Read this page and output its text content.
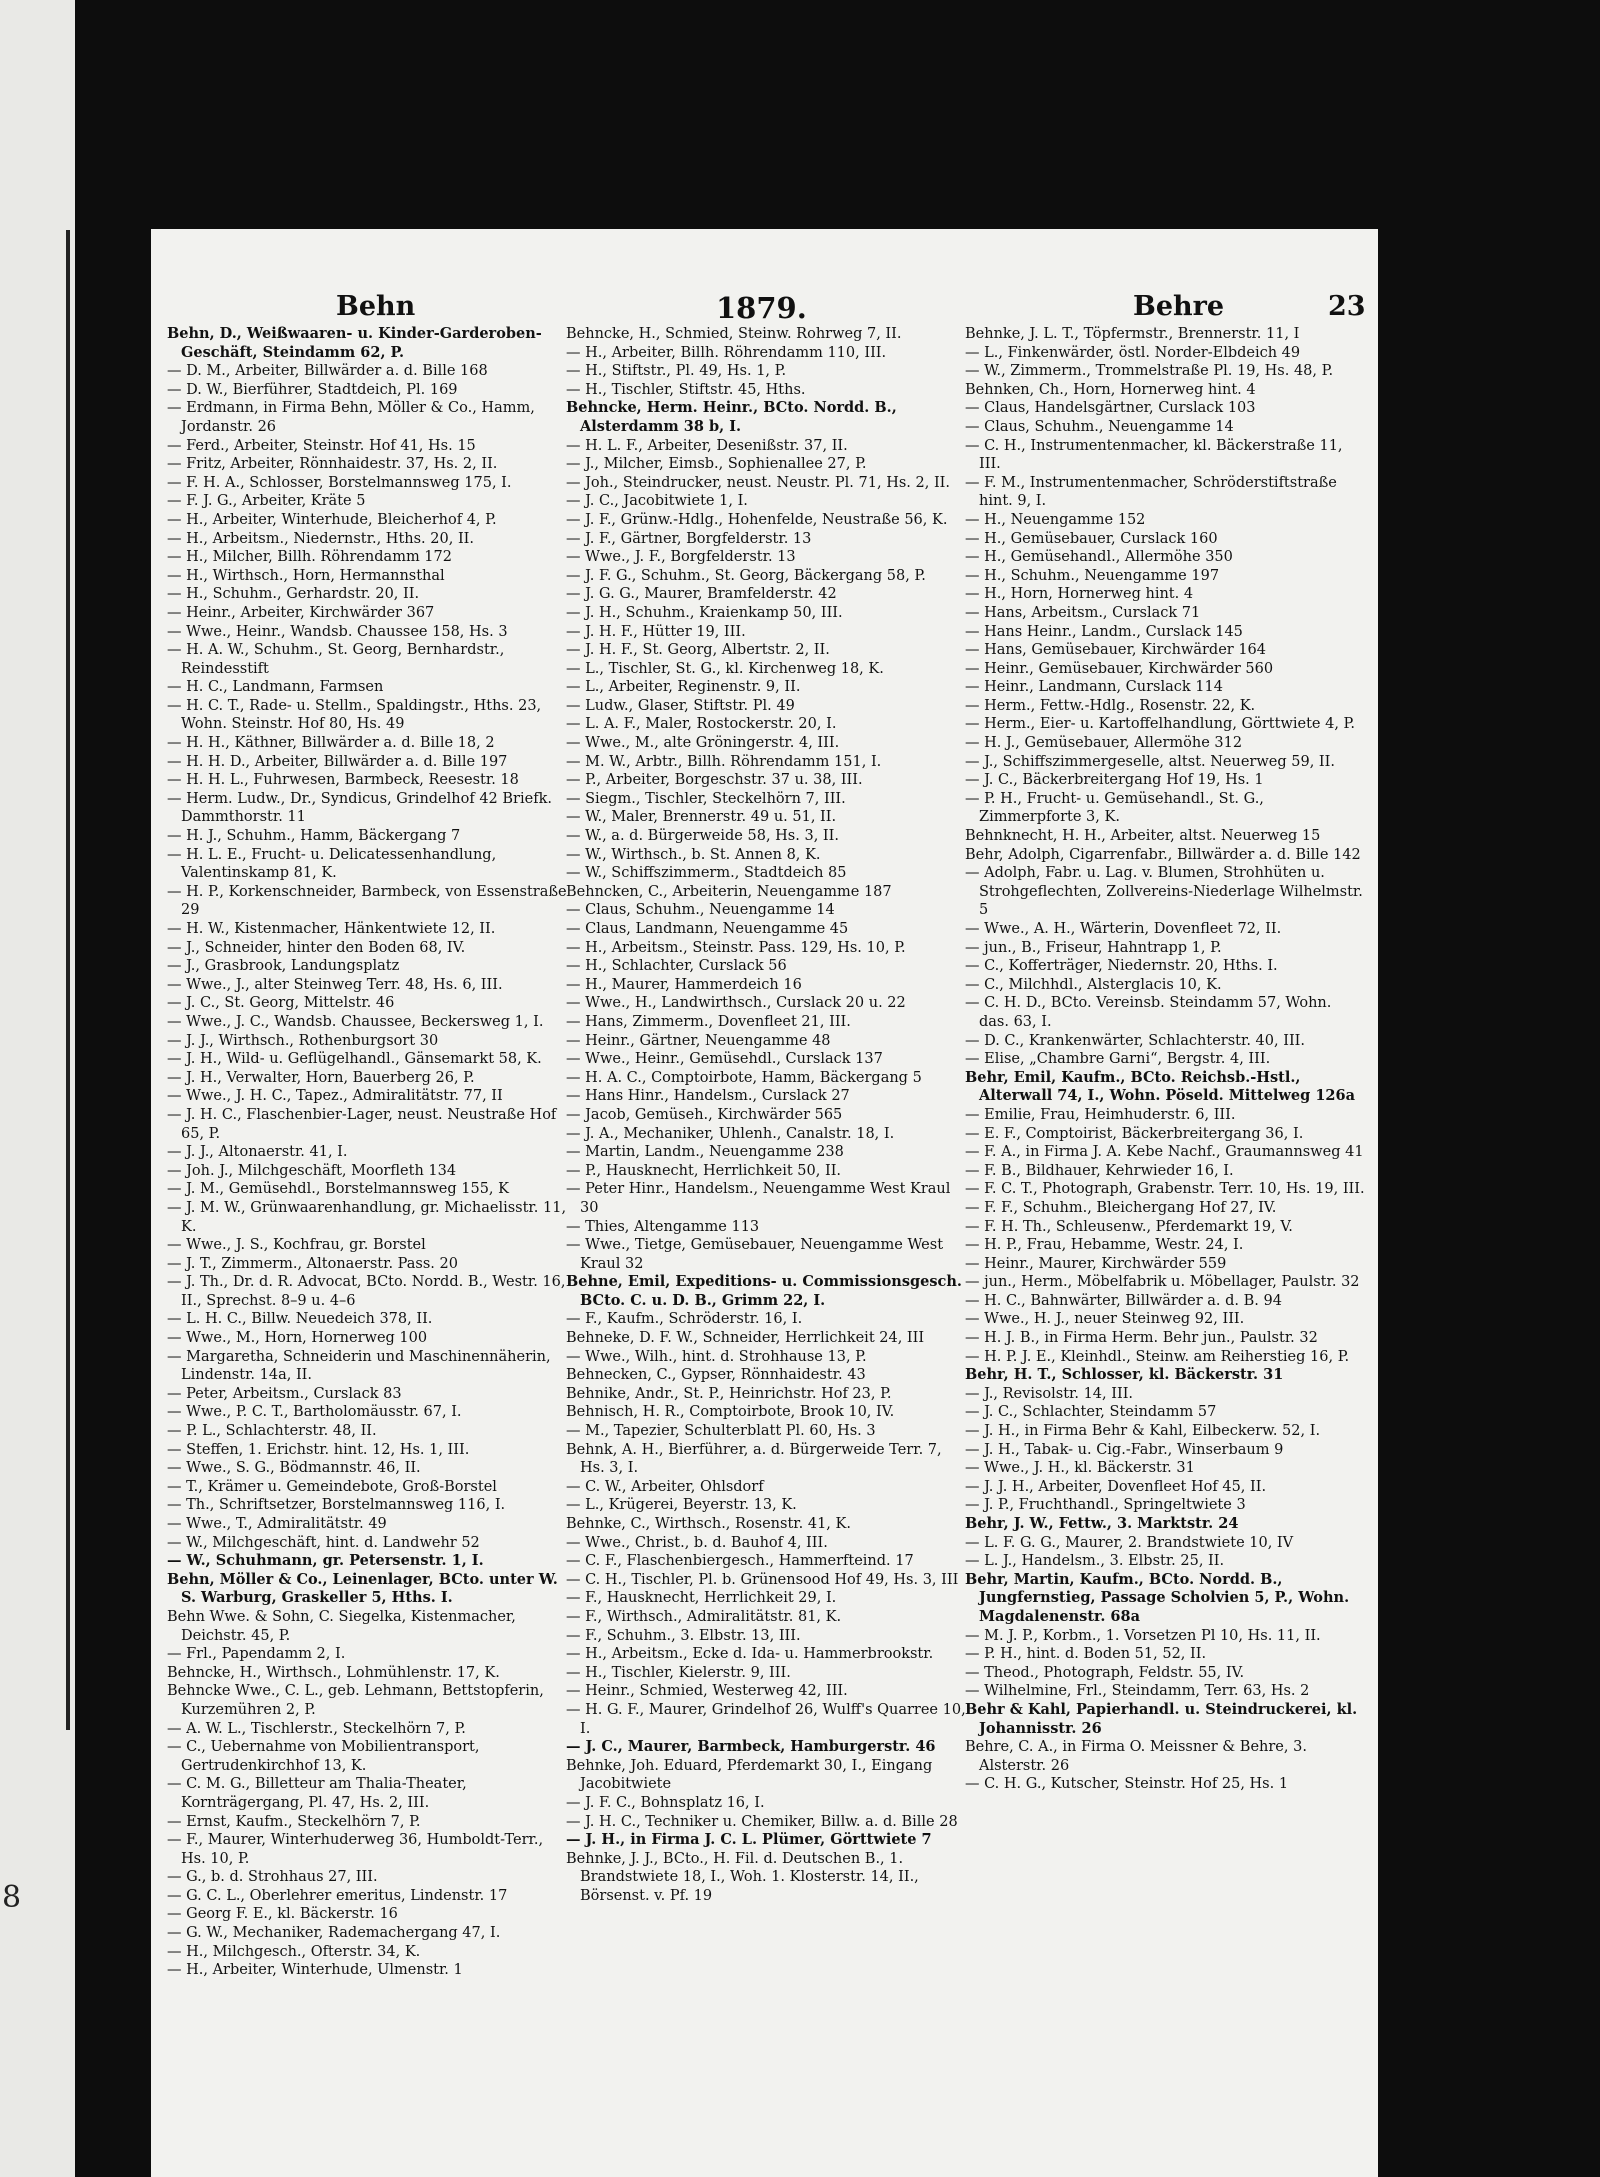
8
Behn	1879.	Behre	23
Behn, D., Weißwaaren- u. Kinder-Garderoben-Geschäft, Steindamm 62, P.
— D. M., Arbeiter, Billwärder a. d. Bille 168
— D. W., Bierführer, Stadtdeich, Pl. 169
— Erdmann, in Firma Behn, Möller & Co., Hamm, Jordanstr. 26
— Ferd., Arbeiter, Steinstr. Hof 41, Hs. 15
— Fritz, Arbeiter, Rönnhaidestr. 37, Hs. 2, II.
— F. H. A., Schlosser, Borstelmannsweg 175, I.
— F. J. G., Arbeiter, Kräte 5
— H., Arbeiter, Winterhude, Bleicherhof 4, P.
— H., Arbeitsm., Niedernstr., Hths. 20, II.
— H., Milcher, Billh. Röhrendamm 172
— H., Wirthsch., Horn, Hermannsthal
— H., Schuhm., Gerhardstr. 20, II.
— Heinr., Arbeiter, Kirchwärder 367
— Wwe., Heinr., Wandsb. Chaussee 158, Hs. 3
— H. A. W., Schuhm., St. Georg, Bernhardstr., Reindesstift
— H. C., Landmann, Farmsen
— H. C. T., Rade- u. Stellm., Spaldingstr., Hths. 23, Wohn. Steinstr. Hof 80, Hs. 49
— H. H., Käthner, Billwärder a. d. Bille 18, 2
— H. H. D., Arbeiter, Billwärder a. d. Bille 197
— H. H. L., Fuhrwesen, Barmbeck, Reesestr. 18
— Herm. Ludw., Dr., Syndicus, Grindelhof 42 Briefk. Dammthorstr. 11
— H. J., Schuhm., Hamm, Bäckergang 7
— H. L. E., Frucht- u. Delicatessenhandlung, Valentinskamp 81, K.
— H. P., Korkenschneider, Barmbeck, von Essenstraße 29
— H. W., Kistenmacher, Hänkentwiete 12, II.
— J., Schneider, hinter den Boden 68, IV.
— J., Grasbrook, Landungsplatz
— Wwe., J., alter Steinweg Terr. 48, Hs. 6, III.
— J. C., St. Georg, Mittelstr. 46
— Wwe., J. C., Wandsb. Chaussee, Beckersweg 1, I.
— J. J., Wirthsch., Rothenburgsort 30
— J. H., Wild- u. Geflügelhandl., Gänsemarkt 58, K.
— J. H., Verwalter, Horn, Bauerberg 26, P.
— Wwe., J. H. C., Tapez., Admiralitätstr. 77, II
— J. H. C., Flaschenbier-Lager, neust. Neustraße Hof 65, P.
— J. J., Altonaerstr. 41, I.
— Joh. J., Milchgeschäft, Moorfleth 134
— J. M., Gemüsehdl., Borstelmannsweg 155, K
— J. M. W., Grünwaarenhandlung, gr. Michaelisstr. 11, K.
— Wwe., J. S., Kochfrau, gr. Borstel
— J. T., Zimmerm., Altonaerstr. Pass. 20
— J. Th., Dr. d. R. Advocat, BCto. Nordd. B., Westr. 16, II., Sprechst. 8–9 u. 4–6
— L. H. C., Billw. Neuedeich 378, II.
— Wwe., M., Horn, Hornerweg 100
— Margaretha, Schneiderin und Maschinennäherin, Lindenstr. 14a, II.
— Peter, Arbeitsm., Curslack 83
— Wwe., P. C. T., Bartholomäusstr. 67, I.
— P. L., Schlachterstr. 48, II.
— Steffen, 1. Erichstr. hint. 12, Hs. 1, III.
— Wwe., S. G., Bödmannstr. 46, II.
— T., Krämer u. Gemeindebote, Groß-Borstel
— Th., Schriftsetzer, Borstelmannsweg 116, I.
— Wwe., T., Admiralitätstr. 49
— W., Milchgeschäft, hint. d. Landwehr 52
— W., Schuhmann, gr. Petersenstr. 1, I.
Behn, Möller & Co., Leinenlager, BCto. unter W. S. Warburg, Graskeller 5, Hths. I.
Behn Wwe. & Sohn, C. Siegelka, Kistenmacher, Deichstr. 45, P.
— Frl., Papendamm 2, I.
Behncke, H., Wirthsch., Lohmühlenstr. 17, K.
Behncke Wwe., C. L., geb. Lehmann, Bettstopferin, Kurzemühren 2, P.
— A. W. L., Tischlerstr., Steckelhörn 7, P.
— C., Uebernahme von Mobilientransport, Gertrudenkirchhof 13, K.
— C. M. G., Billetteur am Thalia-Theater, Kornträgergang, Pl. 47, Hs. 2, III.
— Ernst, Kaufm., Steckelhörn 7, P.
— F., Maurer, Winterhuderweg 36, Humboldt-Terr., Hs. 10, P.
— G., b. d. Strohhaus 27, III.
— G. C. L., Oberlehrer emeritus, Lindenstr. 17
— Georg F. E., kl. Bäckerstr. 16
— G. W., Mechaniker, Rademachergang 47, I.
— H., Milchgesch., Ofterstr. 34, K.
— H., Arbeiter, Winterhude, Ulmenstr. 1
Behncke, H., Schmied, Steinw. Rohrweg 7, II.
— H., Arbeiter, Billh. Röhrendamm 110, III.
— H., Stiftstr., Pl. 49, Hs. 1, P.
— H., Tischler, Stiftstr. 45, Hths.
Behncke, Herm. Heinr., BCto. Nordd. B., Alsterdamm 38 b, I.
— H. L. F., Arbeiter, Desenißstr. 37, II.
— J., Milcher, Eimsb., Sophienallee 27, P.
— Joh., Steindrucker, neust. Neustr. Pl. 71, Hs. 2, II.
— J. C., Jacobitwiete 1, I.
— J. F., Grünw.-Hdlg., Hohenfelde, Neustraße 56, K.
— J. F., Gärtner, Borgfelderstr. 13
— Wwe., J. F., Borgfelderstr. 13
— J. F. G., Schuhm., St. Georg, Bäckergang 58, P.
— J. G. G., Maurer, Bramfelderstr. 42
— J. H., Schuhm., Kraienkamp 50, III.
— J. H. F., Hütter 19, III.
— J. H. F., St. Georg, Albertstr. 2, II.
— L., Tischler, St. G., kl. Kirchenweg 18, K.
— L., Arbeiter, Reginenstr. 9, II.
— Ludw., Glaser, Stiftstr. Pl. 49
— L. A. F., Maler, Rostockerstr. 20, I.
— Wwe., M., alte Gröningerstr. 4, III.
— M. W., Arbtr., Billh. Röhrendamm 151, I.
— P., Arbeiter, Borgeschstr. 37 u. 38, III.
— Siegm., Tischler, Steckelhörn 7, III.
— W., Maler, Brennerstr. 49 u. 51, II.
— W., a. d. Bürgerweide 58, Hs. 3, II.
— W., Wirthsch., b. St. Annen 8, K.
— W., Schiffszimmerm., Stadtdeich 85
Behncken, C., Arbeiterin, Neuengamme 187
— Claus, Schuhm., Neuengamme 14
— Claus, Landmann, Neuengamme 45
— H., Arbeitsm., Steinstr. Pass. 129, Hs. 10, P.
— H., Schlachter, Curslack 56
— H., Maurer, Hammerdeich 16
— Wwe., H., Landwirthsch., Curslack 20 u. 22
— Hans, Zimmerm., Dovenfleet 21, III.
— Heinr., Gärtner, Neuengamme 48
— Wwe., Heinr., Gemüsehdl., Curslack 137
— H. A. C., Comptoirbote, Hamm, Bäckergang 5
— Hans Hinr., Handelsm., Curslack 27
— Jacob, Gemüseh., Kirchwärder 565
— J. A., Mechaniker, Uhlenh., Canalstr. 18, I.
— Martin, Landm., Neuengamme 238
— P., Hausknecht, Herrlichkeit 50, II.
— Peter Hinr., Handelsm., Neuengamme West Kraul 30
— Thies, Altengamme 113
— Wwe., Tietge, Gemüsebauer, Neuengamme West Kraul 32
Behne, Emil, Expeditions- u. Commissionsgesch. BCto. C. u. D. B., Grimm 22, I.
— F., Kaufm., Schröderstr. 16, I.
Behneke, D. F. W., Schneider, Herrlichkeit 24, III
— Wwe., Wilh., hint. d. Strohhause 13, P.
Behnecken, C., Gypser, Rönnhaidestr. 43
Behnike, Andr., St. P., Heinrichstr. Hof 23, P.
Behnisch, H. R., Comptoirbote, Brook 10, IV.
— M., Tapezier, Schulterblatt Pl. 60, Hs. 3
Behnk, A. H., Bierführer, a. d. Bürgerweide Terr. 7, Hs. 3, I.
— C. W., Arbeiter, Ohlsdorf
— L., Krügerei, Beyerstr. 13, K.
Behnke, C., Wirthsch., Rosenstr. 41, K.
— Wwe., Christ., b. d. Bauhof 4, III.
— C. F., Flaschenbiergesch., Hammerfteind. 17
— C. H., Tischler, Pl. b. Grünensood Hof 49, Hs. 3, III
— F., Hausknecht, Herrlichkeit 29, I.
— F., Wirthsch., Admiralitätstr. 81, K.
— F., Schuhm., 3. Elbstr. 13, III.
— H., Arbeitsm., Ecke d. Ida- u. Hammerbrookstr.
— H., Tischler, Kielerstr. 9, III.
— Heinr., Schmied, Westerweg 42, III.
— H. G. F., Maurer, Grindelhof 26, Wulff's Quarree 10, I.
— J. C., Maurer, Barmbeck, Hamburgerstr. 46
Behnke, Joh. Eduard, Pferdemarkt 30, I., Eingang Jacobitwiete
— J. F. C., Bohnsplatz 16, I.
— J. H. C., Techniker u. Chemiker, Billw. a. d. Bille 28
— J. H., in Firma J. C. L. Plümer, Görttwiete 7
Behnke, J. J., BCto., H. Fil. d. Deutschen B., 1. Brandstwiete 18, I., Woh. 1. Klosterstr. 14, II., Börsenst. v. Pf. 19
Behnke, J. L. T., Töpfermstr., Brennerstr. 11, I
— L., Finkenwärder, östl. Norder-Elbdeich 49
— W., Zimmerm., Trommelstraße Pl. 19, Hs. 48, P.
Behnken, Ch., Horn, Hornerweg hint. 4
— Claus, Handelsgärtner, Curslack 103
— Claus, Schuhm., Neuengamme 14
— C. H., Instrumentenmacher, kl. Bäckerstraße 11, III.
— F. M., Instrumentenmacher, Schröderstiftstraße hint. 9, I.
— H., Neuengamme 152
— H., Gemüsebauer, Curslack 160
— H., Gemüsehandl., Allermöhe 350
— H., Schuhm., Neuengamme 197
— H., Horn, Hornerweg hint. 4
— Hans, Arbeitsm., Curslack 71
— Hans Heinr., Landm., Curslack 145
— Hans, Gemüsebauer, Kirchwärder 164
— Heinr., Gemüsebauer, Kirchwärder 560
— Heinr., Landmann, Curslack 114
— Herm., Fettw.-Hdlg., Rosenstr. 22, K.
— Herm., Eier- u. Kartoffelhandlung, Görttwiete 4, P.
— H. J., Gemüsebauer, Allermöhe 312
— J., Schiffszimmergeselle, altst. Neuerweg 59, II.
— J. C., Bäckerbreitergang Hof 19, Hs. 1
— P. H., Frucht- u. Gemüsehandl., St. G., Zimmerpforte 3, K.
Behnknecht, H. H., Arbeiter, altst. Neuerweg 15
Behr, Adolph, Cigarrenfabr., Billwärder a. d. Bille 142
— Adolph, Fabr. u. Lag. v. Blumen, Strohhüten u. Strohgeflechten, Zollvereins-Niederlage Wilhelmstr. 5
— Wwe., A. H., Wärterin, Dovenfleet 72, II.
— jun., B., Friseur, Hahntrapp 1, P.
— C., Kofferträger, Niedernstr. 20, Hths. I.
— C., Milchhdl., Alsterglacis 10, K.
— C. H. D., BCto. Vereinsb. Steindamm 57, Wohn. das. 63, I.
— D. C., Krankenwärter, Schlachterstr. 40, III.
— Elise, „Chambre Garni“, Bergstr. 4, III.
Behr, Emil, Kaufm., BCto. Reichsb.-Hstl., Alterwall 74, I., Wohn. Pöseld. Mittelweg 126a
— Emilie, Frau, Heimhuderstr. 6, III.
— E. F., Comptoirist, Bäckerbreitergang 36, I.
— F. A., in Firma J. A. Kebe Nachf., Graumannsweg 41
— F. B., Bildhauer, Kehrwieder 16, I.
— F. C. T., Photograph, Grabenstr. Terr. 10, Hs. 19, III.
— F. F., Schuhm., Bleichergang Hof 27, IV.
— F. H. Th., Schleusenw., Pferdemarkt 19, V.
— H. P., Frau, Hebamme, Westr. 24, I.
— Heinr., Maurer, Kirchwärder 559
— jun., Herm., Möbelfabrik u. Möbellager, Paulstr. 32
— H. C., Bahnwärter, Billwärder a. d. B. 94
— Wwe., H. J., neuer Steinweg 92, III.
— H. J. B., in Firma Herm. Behr jun., Paulstr. 32
— H. P. J. E., Kleinhdl., Steinw. am Reiherstieg 16, P.
Behr, H. T., Schlosser, kl. Bäckerstr. 31
— J., Revisolstr. 14, III.
— J. C., Schlachter, Steindamm 57
— J. H., in Firma Behr & Kahl, Eilbeckerw. 52, I.
— J. H., Tabak- u. Cig.-Fabr., Winserbaum 9
— Wwe., J. H., kl. Bäckerstr. 31
— J. J. H., Arbeiter, Dovenfleet Hof 45, II.
— J. P., Fruchthandl., Springeltwiete 3
Behr, J. W., Fettw., 3. Marktstr. 24
— L. F. G. G., Maurer, 2. Brandstwiete 10, IV
— L. J., Handelsm., 3. Elbstr. 25, II.
Behr, Martin, Kaufm., BCto. Nordd. B., Jungfernstieg, Passage Scholvien 5, P., Wohn. Magdalenenstr. 68a
— M. J. P., Korbm., 1. Vorsetzen Pl 10, Hs. 11, II.
— P. H., hint. d. Boden 51, 52, II.
— Theod., Photograph, Feldstr. 55, IV.
— Wilhelmine, Frl., Steindamm, Terr. 63, Hs. 2
Behr & Kahl, Papierhandl. u. Steindruckerei, kl. Johannisstr. 26
Behre, C. A., in Firma O. Meissner & Behre, 3. Alsterstr. 26
— C. H. G., Kutscher, Steinstr. Hof 25, Hs. 1
